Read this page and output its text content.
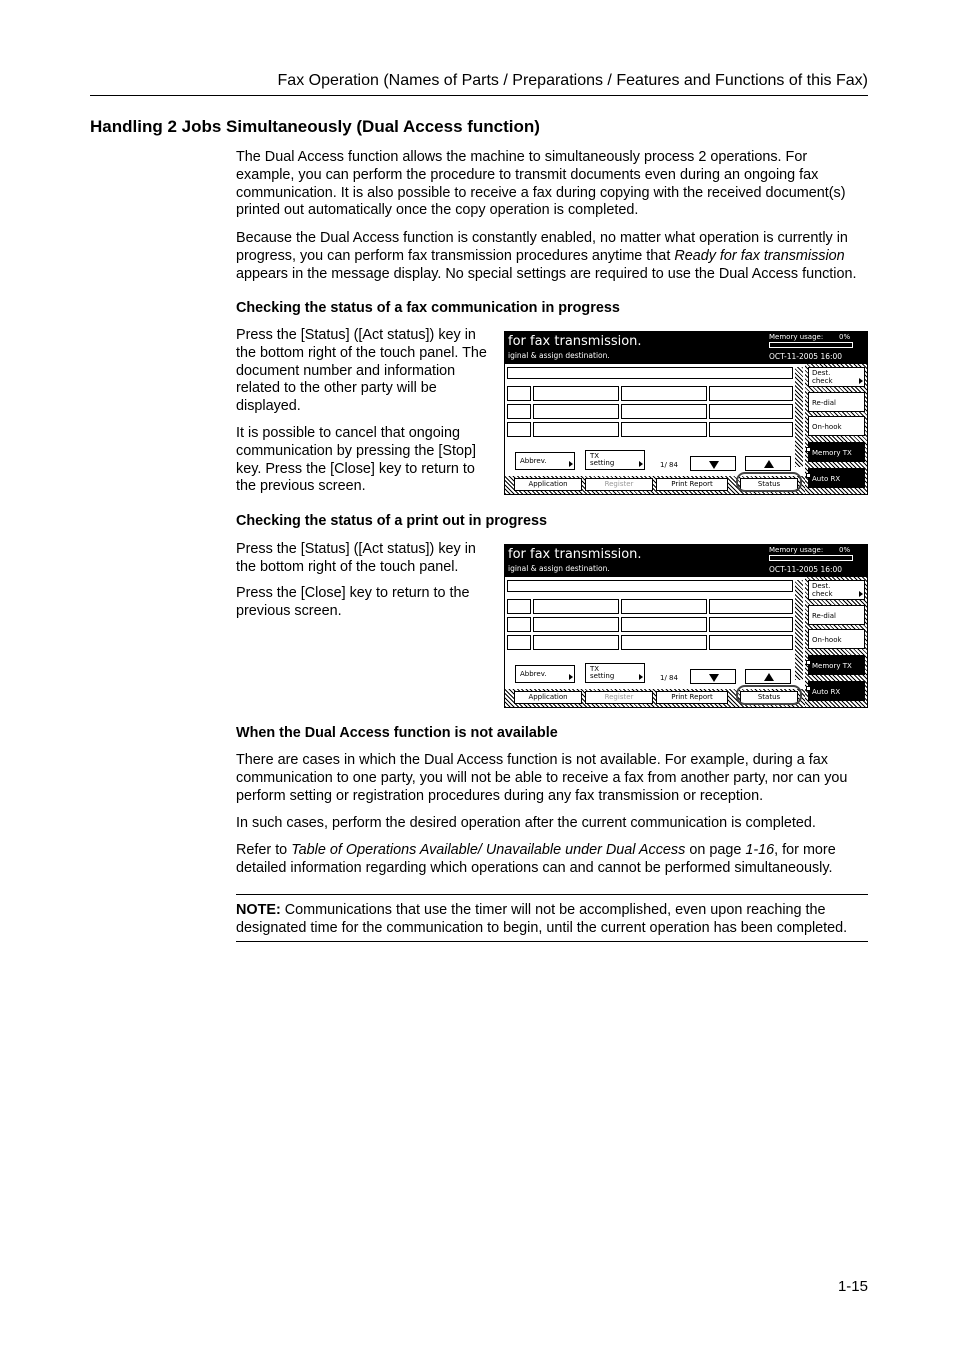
Fax Operation (Names of Parts / Preparations / Features and Functions of this Fax)
Handling 2 Jobs Simultaneously (Dual Access function)
The Dual Access function allows the machine to simultaneously process 2 operations. For example, you can perform the procedure to transmit documents even during an ongoing fax communication. It is also possible to receive a fax during copying with the received document(s) printed out automatically once the copy operation is completed.
Because the Dual Access function is constantly enabled, no matter what operation is currently in progress, you can perform fax transmission procedures anytime that Ready for fax transmission appears in the message display. No special settings are required to use the Dual Access function.
Checking the status of a fax communication in progress
Press the [Status] ([Act status]) key in the bottom right of the touch panel. The document number and information related to the other party will be displayed.
It is possible to cancel that ongoing communication by pressing the [Stop] key. Press the [Close] key to return to the previous screen.
for fax transmission.
iginal & assign destination.
Memory usage: 0%
OCT-11-2005 16:00
Dest.
check
Re-dial
On-hook
Memory TX
Auto RX
Abbrev.
TX
setting	1/ 84
Application	Register	Print Report	Status
Checking the status of a print out in progress
Press the [Status] ([Act status]) key in the bottom right of the touch panel.
Press the [Close] key to return to the previous screen.
for fax transmission.
iginal & assign destination.
Memory usage: 0%
OCT-11-2005 16:00
Dest.
check
Re-dial
On-hook
Memory TX
Auto RX
Abbrev.
TX
setting	1/ 84
Application	Register	Print Report	Status
When the Dual Access function is not available
There are cases in which the Dual Access function is not available. For example, during a fax communication to one party, you will not be able to receive a fax from another party, nor can you perform setting or registration procedures during any fax transmission or reception.
In such cases, perform the desired operation after the current communication is completed.
Refer to Table of Operations Available/ Unavailable under Dual Access on page 1-16, for more detailed information regarding which operations can and cannot be performed simultaneously.
NOTE: Communications that use the timer will not be accomplished, even upon reaching the designated time for the communication to begin, until the current operation has been completed.
1-15
